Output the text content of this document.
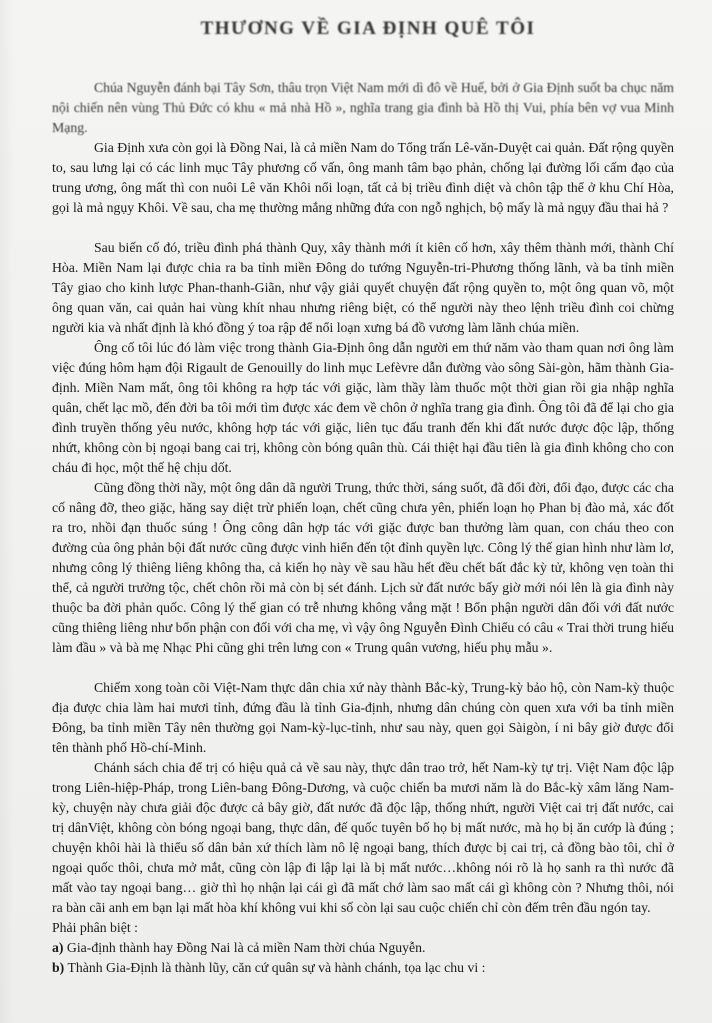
THƯƠNG VỀ GIA ĐỊNH QUÊ TÔI

Chúa Nguyễn đánh bại Tây Sơn, thâu trọn Việt Nam mới dì đô về Huế, bởi ở Gia Định suốt ba chục năm nội chiến nên vùng Thủ Đức có khu « mả nhà Hồ », nghĩa trang gia đình bà Hồ thị Vui, phía bên vợ vua Minh Mạng.

Gia Định xưa còn gọi là Đồng Nai, là cả miền Nam do Tổng trấn Lê-văn-Duyệt cai quản. Đất rộng quyền to, sau lưng lại có các linh mục Tây phương cố vấn, ông manh tâm bạo phản, chống lại đường lối cấm đạo của trung ương, ông mất thì con nuôi Lê văn Khôi nổi loạn, tất cả bị triều đình diệt và chôn tập thể ở khu Chí Hòa, gọi là mả ngụy Khôi. Về sau, cha mẹ thường mắng những đứa con ngỗ nghịch, bộ mấy là mả ngụy đầu thai hả ?

Sau biến cố đó, triều đình phá thành Quy, xây thành mới ít kiên cố hơn, xây thêm thành mới, thành Chí Hòa. Miền Nam lại được chia ra ba tỉnh miền Đông do tướng Nguyễn-tri-Phương thống lãnh, và ba tỉnh miền Tây giao cho kinh lược Phan-thanh-Giãn, như vậy giải quyết chuyện đất rộng quyền to, một ông quan võ, một ông quan văn, cai quản hai vùng khít nhau nhưng riêng biệt, có thể người này theo lệnh triều đình coi chừng người kia và nhất định là khó đồng ý toa rập để nổi loạn xưng bá đồ vương làm lãnh chúa miền.

Ông cố tôi lúc đó làm việc trong thành Gia-Định ông dẫn người em thứ năm vào tham quan nơi ông làm việc đúng hôm hạm đội Rigault de Genouilly do linh mục Lefèvre dẫn đường vào sông Sài-gòn, hãm thành Gia-định. Miền Nam mất, ông tôi không ra hợp tác với giặc, làm thầy làm thuốc một thời gian rồi gia nhập nghĩa quân, chết lạc mồ, đến đời ba tôi mới tìm được xác đem về chôn ở nghĩa trang gia đình. Ông tôi đã để lại cho gia đình truyền thống yêu nước, không hợp tác với giặc, liên tục đấu tranh đến khi đất nước được độc lập, thống nhứt, không còn bị ngoại bang cai trị, không còn bóng quân thù. Cái thiệt hại đầu tiên là gia đình không cho con cháu đi học, một thế hệ chịu dốt.

Cũng đồng thời nầy, một ông dân dã người Trung, thức thời, sáng suốt, đã đổi đời, đổi đạo, được các cha cố nâng đỡ, theo giặc, hăng say diệt trừ phiến loạn, chết cũng chưa yên, phiến loạn họ Phan bị đào mả, xác đốt ra tro, nhồi đạn thuốc súng ! Ông công dân hợp tác với giặc được ban thưởng làm quan, con cháu theo con đường của ông phản bội đất nước cũng được vinh hiển đến tột đỉnh quyền lực. Công lý thế gian hình như làm lơ, nhưng công lý thiêng liêng không tha, cả kiến họ này về sau hầu hết đều chết bất đắc kỳ tử, không vẹn toàn thi thể, cả người trưởng tộc, chết chôn rồi mả còn bị sét đánh. Lịch sử đất nước bấy giờ mới nói lên là gia đình này thuộc ba đời phản quốc. Công lý thế gian có trễ nhưng không vắng mặt ! Bổn phận người dân đối với đất nước cũng thiêng liêng như bổn phận con đối với cha mẹ, vì vậy ông Nguyễn Đình Chiểu có câu « Trai thời trung hiếu làm đầu » và bà mẹ Nhạc Phi cũng ghi trên lưng con « Trung quân vương, hiếu phụ mẫu ».

Chiếm xong toàn cõi Việt-Nam thực dân chia xứ này thành Bắc-kỳ, Trung-kỳ bảo hộ, còn Nam-kỳ thuộc địa được chia làm hai mươi tỉnh, đứng đầu là tỉnh Gia-định, nhưng dân chúng còn quen xưa với ba tỉnh miền Đông, ba tỉnh miền Tây nên thường gọi Nam-kỳ-lục-tỉnh, như sau này, quen gọi Sàigòn, í ni bây giờ được đổi tên thành phố Hồ-chí-Minh.

Chánh sách chia để trị có hiệu quả cả về sau này, thực dân trao trở, hết Nam-kỳ tự trị. Việt Nam độc lập trong Liên-hiệp-Pháp, trong Liên-bang Đông-Dương, và cuộc chiến ba mươi năm là do Bắc-kỳ xâm lăng Nam-kỳ, chuyện này chưa giải độc được cả bây giờ, đất nước đã độc lập, thống nhứt, người Việt cai trị đất nước, cai trị dânViệt, không còn bóng ngoại bang, thực dân, đế quốc tuyên bố họ bị mất nước, mà họ bị ăn cướp là đúng ; chuyện khôi hài là thiểu số dân bản xứ thích làm nô lệ ngoại bang, thích được bị cai trị, cả đồng bào tôi, chỉ ở ngoại quốc thôi, chưa mở mắt, cũng còn lập đi lập lại là bị mất nước…không nói rõ là họ sanh ra thì nước đã mất vào tay ngoại bang… giờ thì họ nhận lại cái gì đã mất chớ làm sao mất cái gì không còn ? Nhưng thôi, nói ra bàn cãi anh em bạn lại mất hòa khí không vui khi số còn lại sau cuộc chiến chỉ còn đếm trên đầu ngón tay.

Phải phân biệt :

a) Gia-định thành hay Đồng Nai là cả miền Nam thời chúa Nguyễn.

b) Thành Gia-Định là thành lũy, căn cứ quân sự và hành chánh, tọa lạc chu vi :
